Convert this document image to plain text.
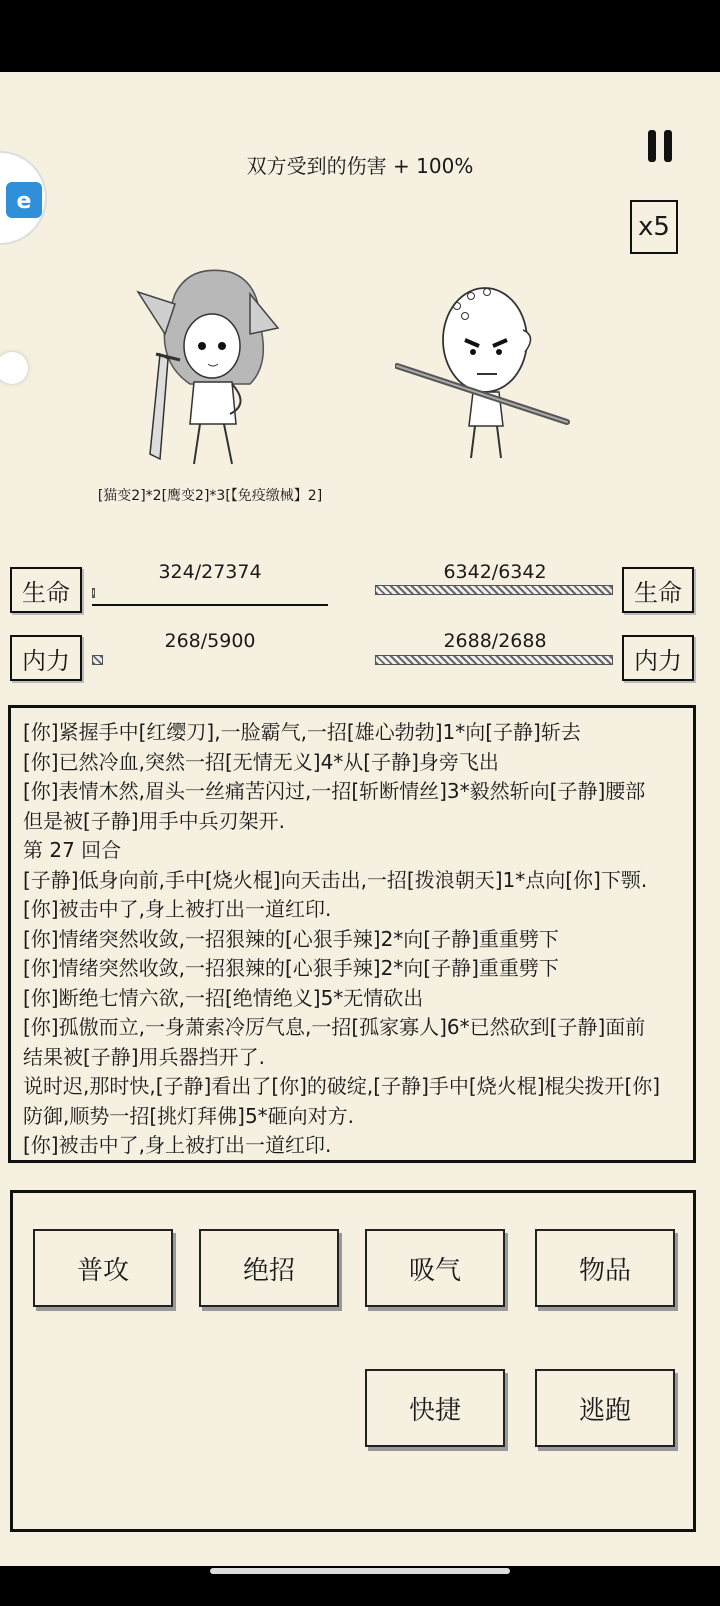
e
双方受到的伤害 + 100%
x5
[猫变2]*2[鹰变2]*3[【免疫缴械】2]
生命
324/27374
内力
268/5900
6342/6342
生命
2688/2688
内力
[你]紧握手中[红缨刀],一脸霸气,一招[雄心勃勃]1*向[子静]斩去
[你]已然冷血,突然一招[无情无义]4*从[子静]身旁飞出
[你]表情木然,眉头一丝痛苦闪过,一招[斩断情丝]3*毅然斩向[子静]腰部
但是被[子静]用手中兵刃架开.
第 27 回合
[子静]低身向前,手中[烧火棍]向天击出,一招[拨浪朝天]1*点向[你]下颚.
[你]被击中了,身上被打出一道红印.
[你]情绪突然收敛,一招狠辣的[心狠手辣]2*向[子静]重重劈下
[你]情绪突然收敛,一招狠辣的[心狠手辣]2*向[子静]重重劈下
[你]断绝七情六欲,一招[绝情绝义]5*无情砍出
[你]孤傲而立,一身萧索冷厉气息,一招[孤家寡人]6*已然砍到[子静]面前
结果被[子静]用兵器挡开了.
说时迟,那时快,[子静]看出了[你]的破绽,[子静]手中[烧火棍]棍尖拨开[你]
防御,顺势一招[挑灯拜佛]5*砸向对方.
[你]被击中了,身上被打出一道红印.
普攻	绝招	吸气	物品
快捷	逃跑
